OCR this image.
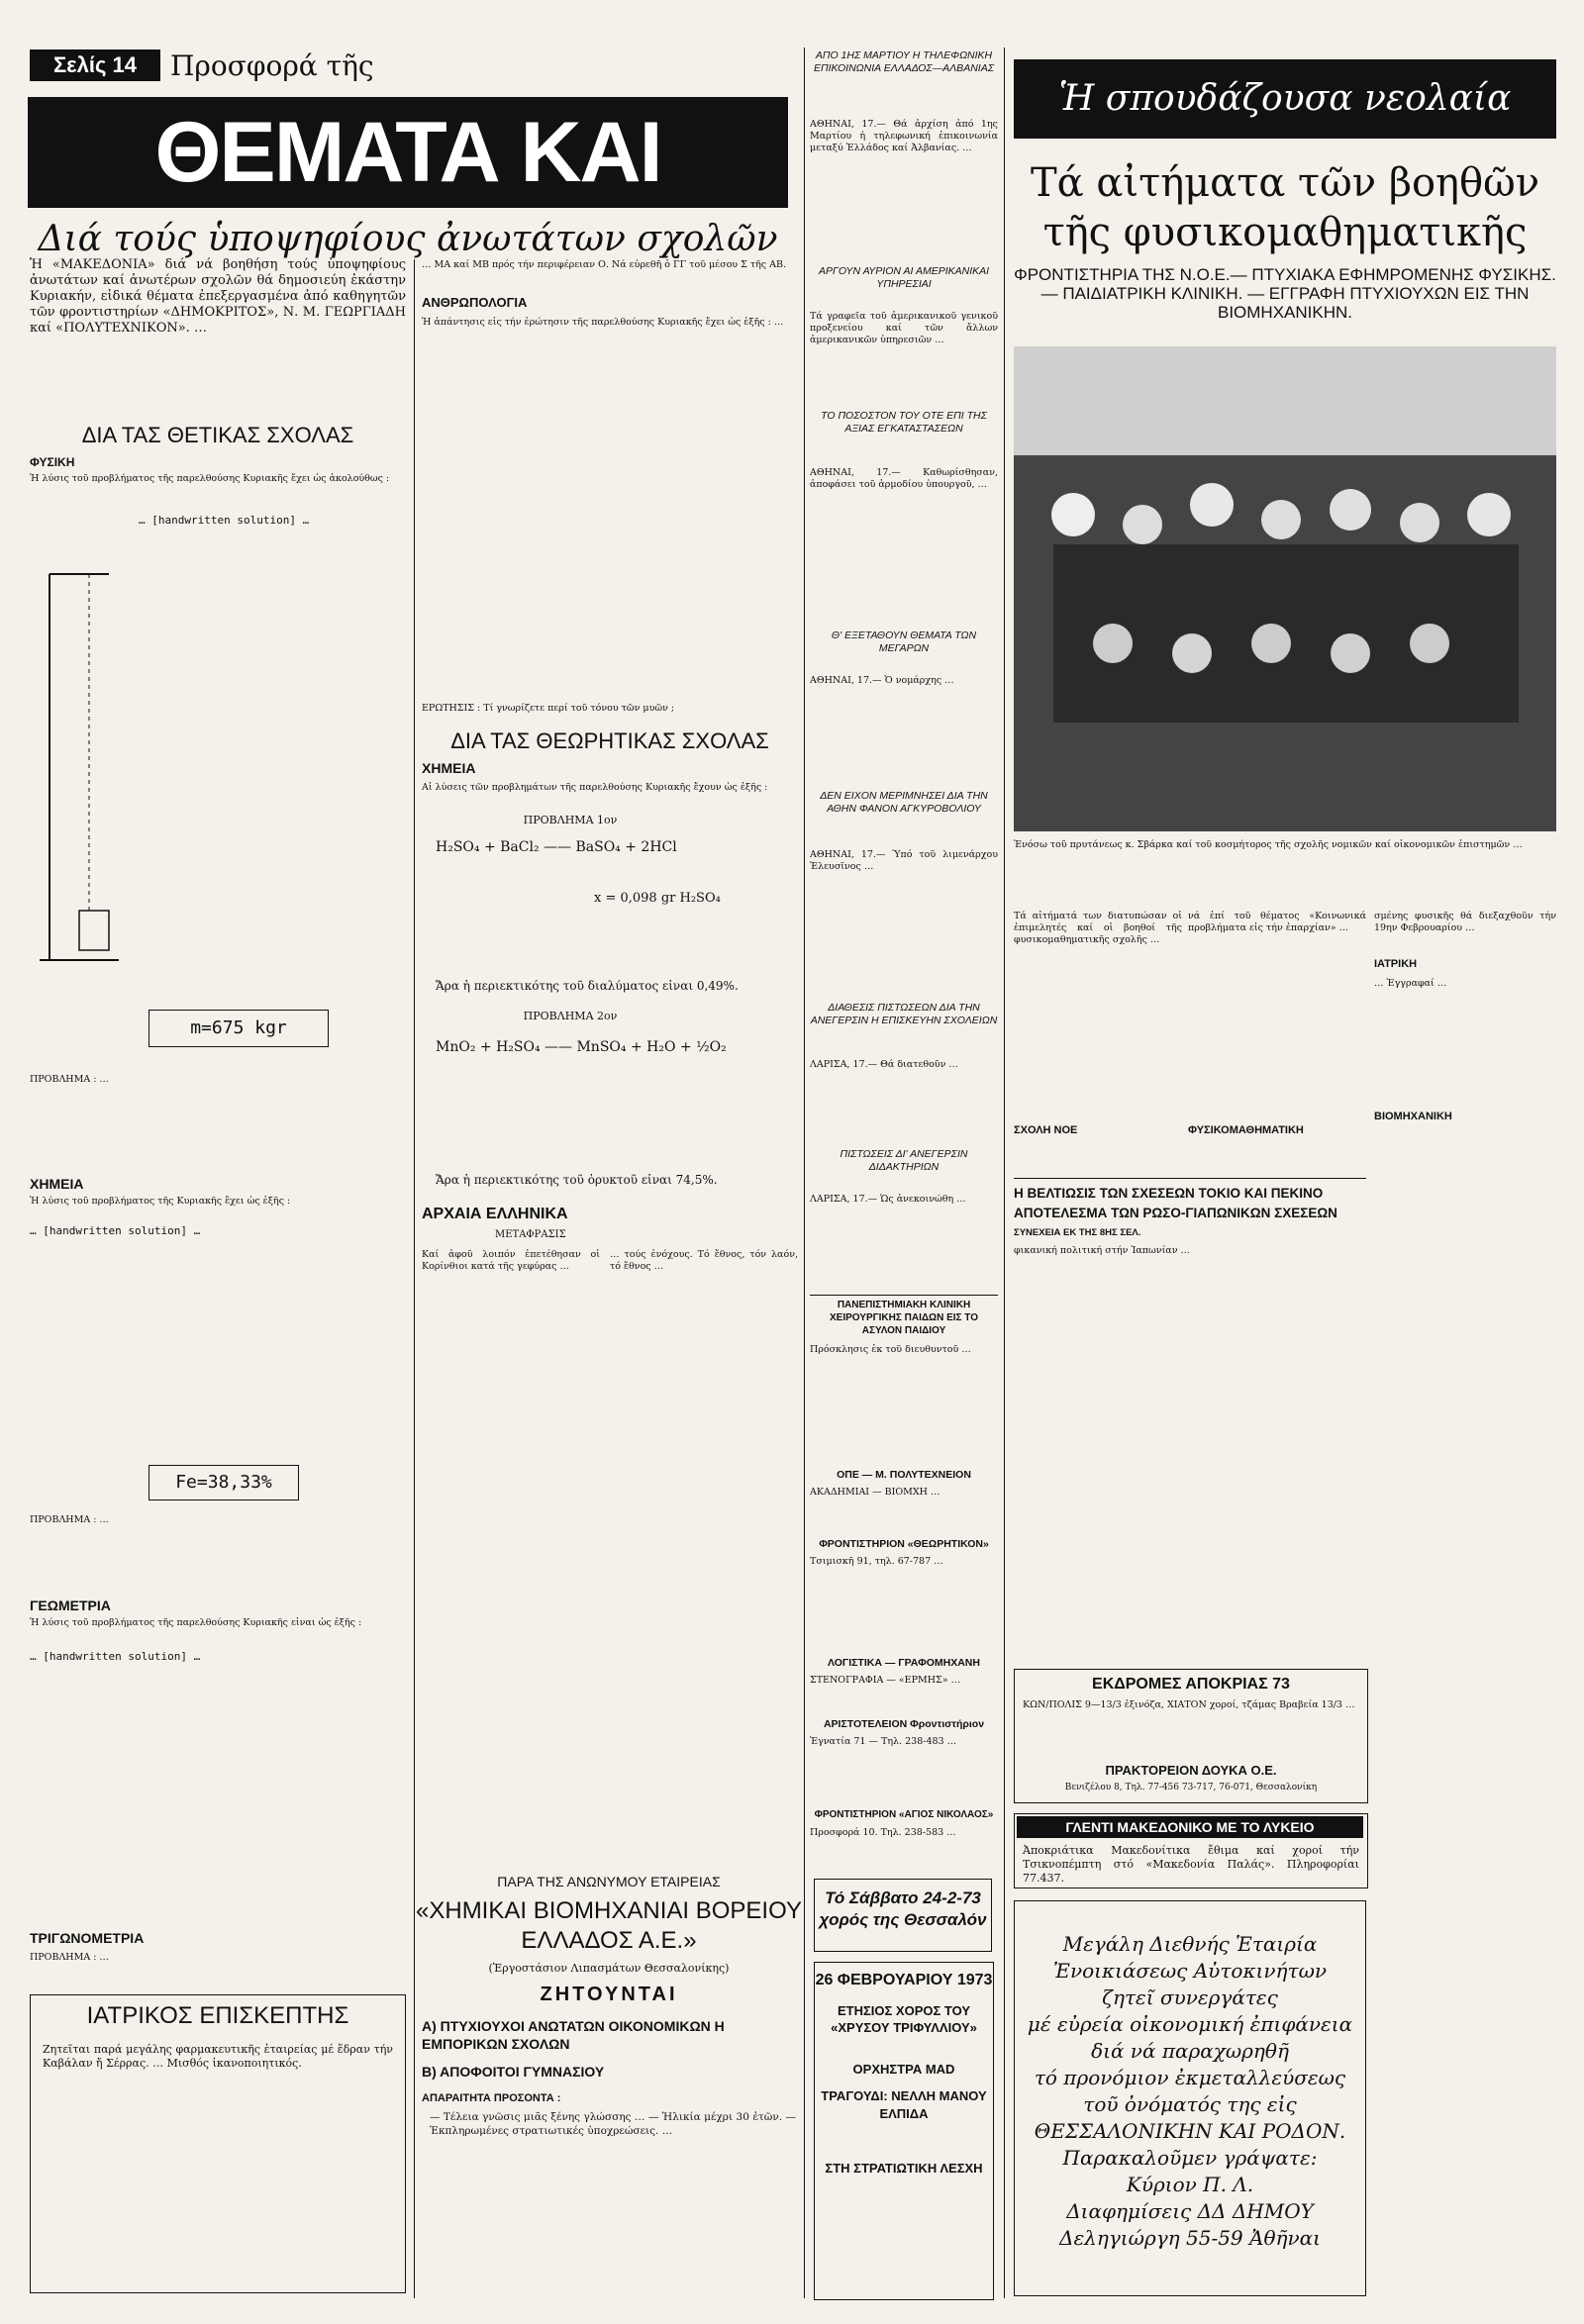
Σελίς 14	Προσφορά τῆς
ΘΕΜΑΤΑ ΚΑΙ
Διά τούς ὑποψηφίους ἀνωτάτων σχολῶν
Ἡ «ΜΑΚΕΔΟΝΙΑ» διά νά βοηθήση τούς ὑποψηφίους ἀνωτάτων καί ἀνωτέρων σχολῶν θά δημοσιεύη ἑκάστην Κυριακήν, εἰδικά θέματα ἐπεξεργασμένα ἀπό καθηγητῶν τῶν φροντιστηρίων «ΔΗΜΟΚΡΙΤΟΣ», Ν. Μ. ΓΕΩΡΓΙΑΔΗ καί «ΠΟΛΥΤΕΧΝΙΚΟΝ». …
ΔΙΑ ΤΑΣ ΘΕΤΙΚΑΣ ΣΧΟΛΑΣ
ΦΥΣΙΚΗ
Ἡ λύσις τοῦ προβλήματος τῆς παρελθούσης Κυριακῆς ἔχει ὡς ἀκολούθως :
… [handwritten solution] …
m=675 kgr
ΠΡΟΒΛΗΜΑ : …
ΧΗΜΕΙΑ
Ἡ λύσις τοῦ προβλήματος τῆς Κυριακῆς ἔχει ὡς ἑξῆς :
… [handwritten solution] …
Fe=38,33%
ΠΡΟΒΛΗΜΑ : …
ΓΕΩΜΕΤΡΙΑ
Ἡ λύσις τοῦ προβλήματος τῆς παρελθούσης Κυριακῆς εἶναι ὡς ἑξῆς :
… [handwritten solution] …
ΤΡΙΓΩΝΟΜΕΤΡΙΑ
ΠΡΟΒΛΗΜΑ : …
ΙΑΤΡΙΚΟΣ ΕΠΙΣΚΕΠΤΗΣ
Ζητεῖται παρά μεγάλης φαρμακευτικῆς ἑταιρείας μέ ἕδραν τήν Καβάλαν ἤ Σέρρας. … Μισθός ἱκανοποιητικός.
… ΜΑ καί ΜΒ πρός τήν περιφέρειαν Ο. Νά εὑρεθῆ ὁ ΓΓ τοῦ μέσου Σ τῆς ΑΒ.
ΑΝΘΡΩΠΟΛΟΓΙΑ
Ἡ ἀπάντησις εἰς τήν ἐρώτησιν τῆς παρελθούσης Κυριακῆς ἔχει ὡς ἑξῆς : …
ΕΡΩΤΗΣΙΣ : Τί γνωρίζετε περί τοῦ τόνου τῶν μυῶν ;
ΔΙΑ ΤΑΣ ΘΕΩΡΗΤΙΚΑΣ ΣΧΟΛΑΣ
ΧΗΜΕΙΑ
Αἱ λύσεις τῶν προβλημάτων τῆς παρελθούσης Κυριακῆς ἔχουν ὡς ἑξῆς :
ΠΡΟΒΛΗΜΑ 1ον
H₂SO₄ + BaCl₂ —— BaSO₄ + 2HCl
x = 0,098 gr H₂SO₄
Ἄρα ἡ περιεκτικότης τοῦ διαλύματος εἶναι 0,49%.
ΠΡΟΒΛΗΜΑ 2ον
MnO₂ + H₂SO₄ —— MnSO₄ + H₂O + ½O₂
Ἄρα ἡ περιεκτικότης τοῦ ὀρυκτοῦ εἶναι 74,5%.
ΑΡΧΑΙΑ ΕΛΛΗΝΙΚΑ
ΜΕΤΑΦΡΑΣΙΣ
Καί ἀφοῦ λοιπόν ἐπετέθησαν οἱ Κορίνθιοι κατά τῆς γεφύρας …
… τούς ἐνόχους. Τό ἔθνος, τόν λαόν, τό ἔθνος …
ΠΑΡΑ ΤΗΣ ΑΝΩΝΥΜΟΥ ΕΤΑΙΡΕΙΑΣ
«ΧΗΜΙΚΑΙ ΒΙΟΜΗΧΑΝΙΑΙ ΒΟΡΕΙΟΥ ΕΛΛΑΔΟΣ Α.Ε.»
(Ἐργοστάσιον Λιπασμάτων Θεσσαλονίκης)
ΖΗΤΟΥΝΤΑΙ
Α) ΠΤΥΧΙΟΥΧΟΙ ΑΝΩΤΑΤΩΝ ΟΙΚΟΝΟΜΙΚΩΝ Η ΕΜΠΟΡΙΚΩΝ ΣΧΟΛΩΝ
Β) ΑΠΟΦΟΙΤΟΙ ΓΥΜΝΑΣΙΟΥ
ΑΠΑΡΑΙΤΗΤΑ ΠΡΟΣΟΝΤΑ :
— Τέλεια γνῶσις μιᾶς ξένης γλώσσης … — Ἡλικία μέχρι 30 ἐτῶν. — Ἐκπληρωμένες στρατιωτικές ὑποχρεώσεις. …
ΑΠΟ 1ΗΣ ΜΑΡΤΙΟΥ Η ΤΗΛΕΦΩΝΙΚΗ ΕΠΙΚΟΙΝΩΝΙΑ ΕΛΛΑΔΟΣ—ΑΛΒΑΝΙΑΣ
ΑΘΗΝΑΙ, 17.— Θά ἀρχίση ἀπό 1ης Μαρτίου ἡ τηλεφωνική ἐπικοινωνία μεταξύ Ἑλλάδος καί Ἀλβανίας. …
ΑΡΓΟΥΝ ΑΥΡΙΟΝ ΑΙ ΑΜΕΡΙΚΑΝΙΚΑΙ ΥΠΗΡΕΣΙΑΙ
Τά γραφεῖα τοῦ ἀμερικανικοῦ γενικοῦ προξενείου καί τῶν ἄλλων ἀμερικανικῶν ὑπηρεσιῶν …
ΤΟ ΠΟΣΟΣΤΟΝ ΤΟΥ ΟΤΕ ΕΠΙ ΤΗΣ ΑΞΙΑΣ ΕΓΚΑΤΑΣΤΑΣΕΩΝ
ΑΘΗΝΑΙ, 17.— Καθωρίσθησαν, ἀποφάσει τοῦ ἁρμοδίου ὑπουργοῦ, …
Θ' ΕΞΕΤΑΘΟΥΝ ΘΕΜΑΤΑ ΤΩΝ ΜΕΓΑΡΩΝ
ΑΘΗΝΑΙ, 17.— Ὁ νομάρχης …
ΔΕΝ ΕΙΧΟΝ ΜΕΡΙΜΝΗΣΕΙ ΔΙΑ ΤΗΝ ΑΘΗΝ ΦΑΝΟΝ ΑΓΚΥΡΟΒΟΛΙΟΥ
ΑΘΗΝΑΙ, 17.— Ὑπό τοῦ λιμενάρχου Ἐλευσῖνος …
ΔΙΑΘΕΣΙΣ ΠΙΣΤΩΣΕΩΝ ΔΙΑ ΤΗΝ ΑΝΕΓΕΡΣΙΝ Η ΕΠΙΣΚΕΥΗΝ ΣΧΟΛΕΙΩΝ
ΛΑΡΙΣΑ, 17.— Θά διατεθοῦν …
ΠΙΣΤΩΣΕΙΣ ΔΙ' ΑΝΕΓΕΡΣΙΝ ΔΙΔΑΚΤΗΡΙΩΝ
ΛΑΡΙΣΑ, 17.— Ὡς ἀνεκοινώθη …
ΠΑΝΕΠΙΣΤΗΜΙΑΚΗ ΚΛΙΝΙΚΗ ΧΕΙΡΟΥΡΓΙΚΗΣ ΠΑΙΔΩΝ ΕΙΣ ΤΟ ΑΣΥΛΟΝ ΠΑΙΔΙΟΥ
Πρόσκλησις ἐκ τοῦ διευθυντοῦ …
ΟΠΕ — Μ. ΠΟΛΥΤΕΧΝΕΙΟΝ
ΑΚΑΔΗΜΙΑΙ — ΒΙΟΜΧΗ …
ΦΡΟΝΤΙΣΤΗΡΙΟΝ «ΘΕΩΡΗΤΙΚΟΝ»
Τσιμισκῆ 91, τηλ. 67-787 …
ΛΟΓΙΣΤΙΚΑ — ΓΡΑΦΟΜΗΧΑΝΗ
ΣΤΕΝΟΓΡΑΦΙΑ — «ΕΡΜΗΣ» …
ΑΡΙΣΤΟΤΕΛΕΙΟΝ Φροντιστήριον
Ἐγνατία 71 — Τηλ. 238-483 …
ΦΡΟΝΤΙΣΤΗΡΙΟΝ «ΑΓΙΟΣ ΝΙΚΟΛΑΟΣ»
Προσφορά 10. Τηλ. 238-583 …
Τό Σάββατο 24-2-73 χορός της Θεσσαλόν
26 ΦΕΒΡΟΥΑΡΙΟΥ 1973
ΕΤΗΣΙΟΣ ΧΟΡΟΣ ΤΟΥ «ΧΡΥΣΟΥ ΤΡΙΦΥΛΛΙΟΥ»
ΟΡΧΗΣΤΡΑ MAD
ΤΡΑΓΟΥΔΙ: ΝΕΛΛΗ ΜΑΝΟΥ ΕΛΠΙΔΑ
ΣΤΗ ΣΤΡΑΤΙΩΤΙΚΗ ΛΕΣΧΗ
Ἡ σπουδάζουσα νεολαία
Τά αἰτήματα τῶν βοηθῶν τῆς φυσικομαθηματικῆς
ΦΡΟΝΤΙΣΤΗΡΙΑ ΤΗΣ Ν.Ο.Ε.— ΠΤΥΧΙΑΚΑ ΕΦΗΜΡΟΜΕΝΗΣ ΦΥΣΙΚΗΣ.— ΠΑΙΔΙΑΤΡΙΚΗ ΚΛΙΝΙΚΗ. — ΕΓΓΡΑΦΗ ΠΤΥΧΙΟΥΧΩΝ ΕΙΣ ΤΗΝ ΒΙΟΜΗΧΑΝΙΚΗΝ.
Ἐνόσω τοῦ πρυτάνεως κ. Σβάρκα καί τοῦ κοσμήτορος τῆς σχολῆς νομικῶν καί οἰκονομικῶν ἐπιστημῶν …
Τά αἰτήματά των διατυπώσαν οἱ ἐπιμελητές καί οἱ βοηθοί τῆς φυσικομαθηματικῆς σχολῆς …
νά ἐπί τοῦ θέματος «Κοινωνικά προβλήματα εἰς τήν ἐπαρχίαν» …
σμένης φυσικῆς θά διεξαχθοῦν τήν 19ην Φεβρουαρίου …
ΙΑΤΡΙΚΗ
… Ἐγγραφαί …
ΒΙΟΜΗΧΑΝΙΚΗ
ΣΧΟΛΗ ΝΟΕ	ΦΥΣΙΚΟΜΑΘΗΜΑΤΙΚΗ
Η ΒΕΛΤΙΩΣΙΣ ΤΩΝ ΣΧΕΣΕΩΝ ΤΟΚΙΟ ΚΑΙ ΠΕΚΙΝΟ ΑΠΟΤΕΛΕΣΜΑ ΤΩΝ ΡΩΣΟ-ΓΙΑΠΩΝΙΚΩΝ ΣΧΕΣΕΩΝ
ΣΥΝΕΧΕΙΑ ΕΚ ΤΗΣ 8ΗΣ ΣΕΛ.
φικανική πολιτική στήν Ἰαπωνίαν …
ΕΚΔΡΟΜΕΣ ΑΠΟΚΡΙΑΣ 73
ΚΩΝ/ΠΟΛΙΣ 9—13/3 ἑξινόζα, ΧΙΑΤΟΝ χοροί, τζάμας Βραβεία 13/3 …
ΠΡΑΚΤΟΡΕΙΟΝ ΔΟΥΚΑ Ο.Ε.
Βενιζέλου 8, Τηλ. 77-456 73-717, 76-071, Θεσσαλονίκη
ΓΛΕΝΤΙ ΜΑΚΕΔΟΝΙΚΟ ΜΕ ΤΟ ΛΥΚΕΙΟ
Ἀποκριάτικα Μακεδονίτικα ἔθιμα καί χοροί τήν Τσικνοπέμπτη στό «Μακεδονία Παλάς». Πληροφορίαι 77.437.
Μεγάλη Διεθνής Ἑταιρία
Ἐνοικιάσεως Αὐτοκινήτων
ζητεῖ συνεργάτες
μέ εὐρεία οἰκονομική ἐπιφάνεια
διά νά παραχωρηθῆ
τό προνόμιον ἐκμεταλλεύσεως
τοῦ ὀνόματός της εἰς
ΘΕΣΣΑΛΟΝΙΚΗΝ ΚΑΙ ΡΟΔΟΝ.
Παρακαλοῦμεν γράψατε:
Κύριον Π. Λ.
Διαφημίσεις ΔΔ ΔΗΜΟΥ
Δεληγιώργη 55-59 Ἀθῆναι
